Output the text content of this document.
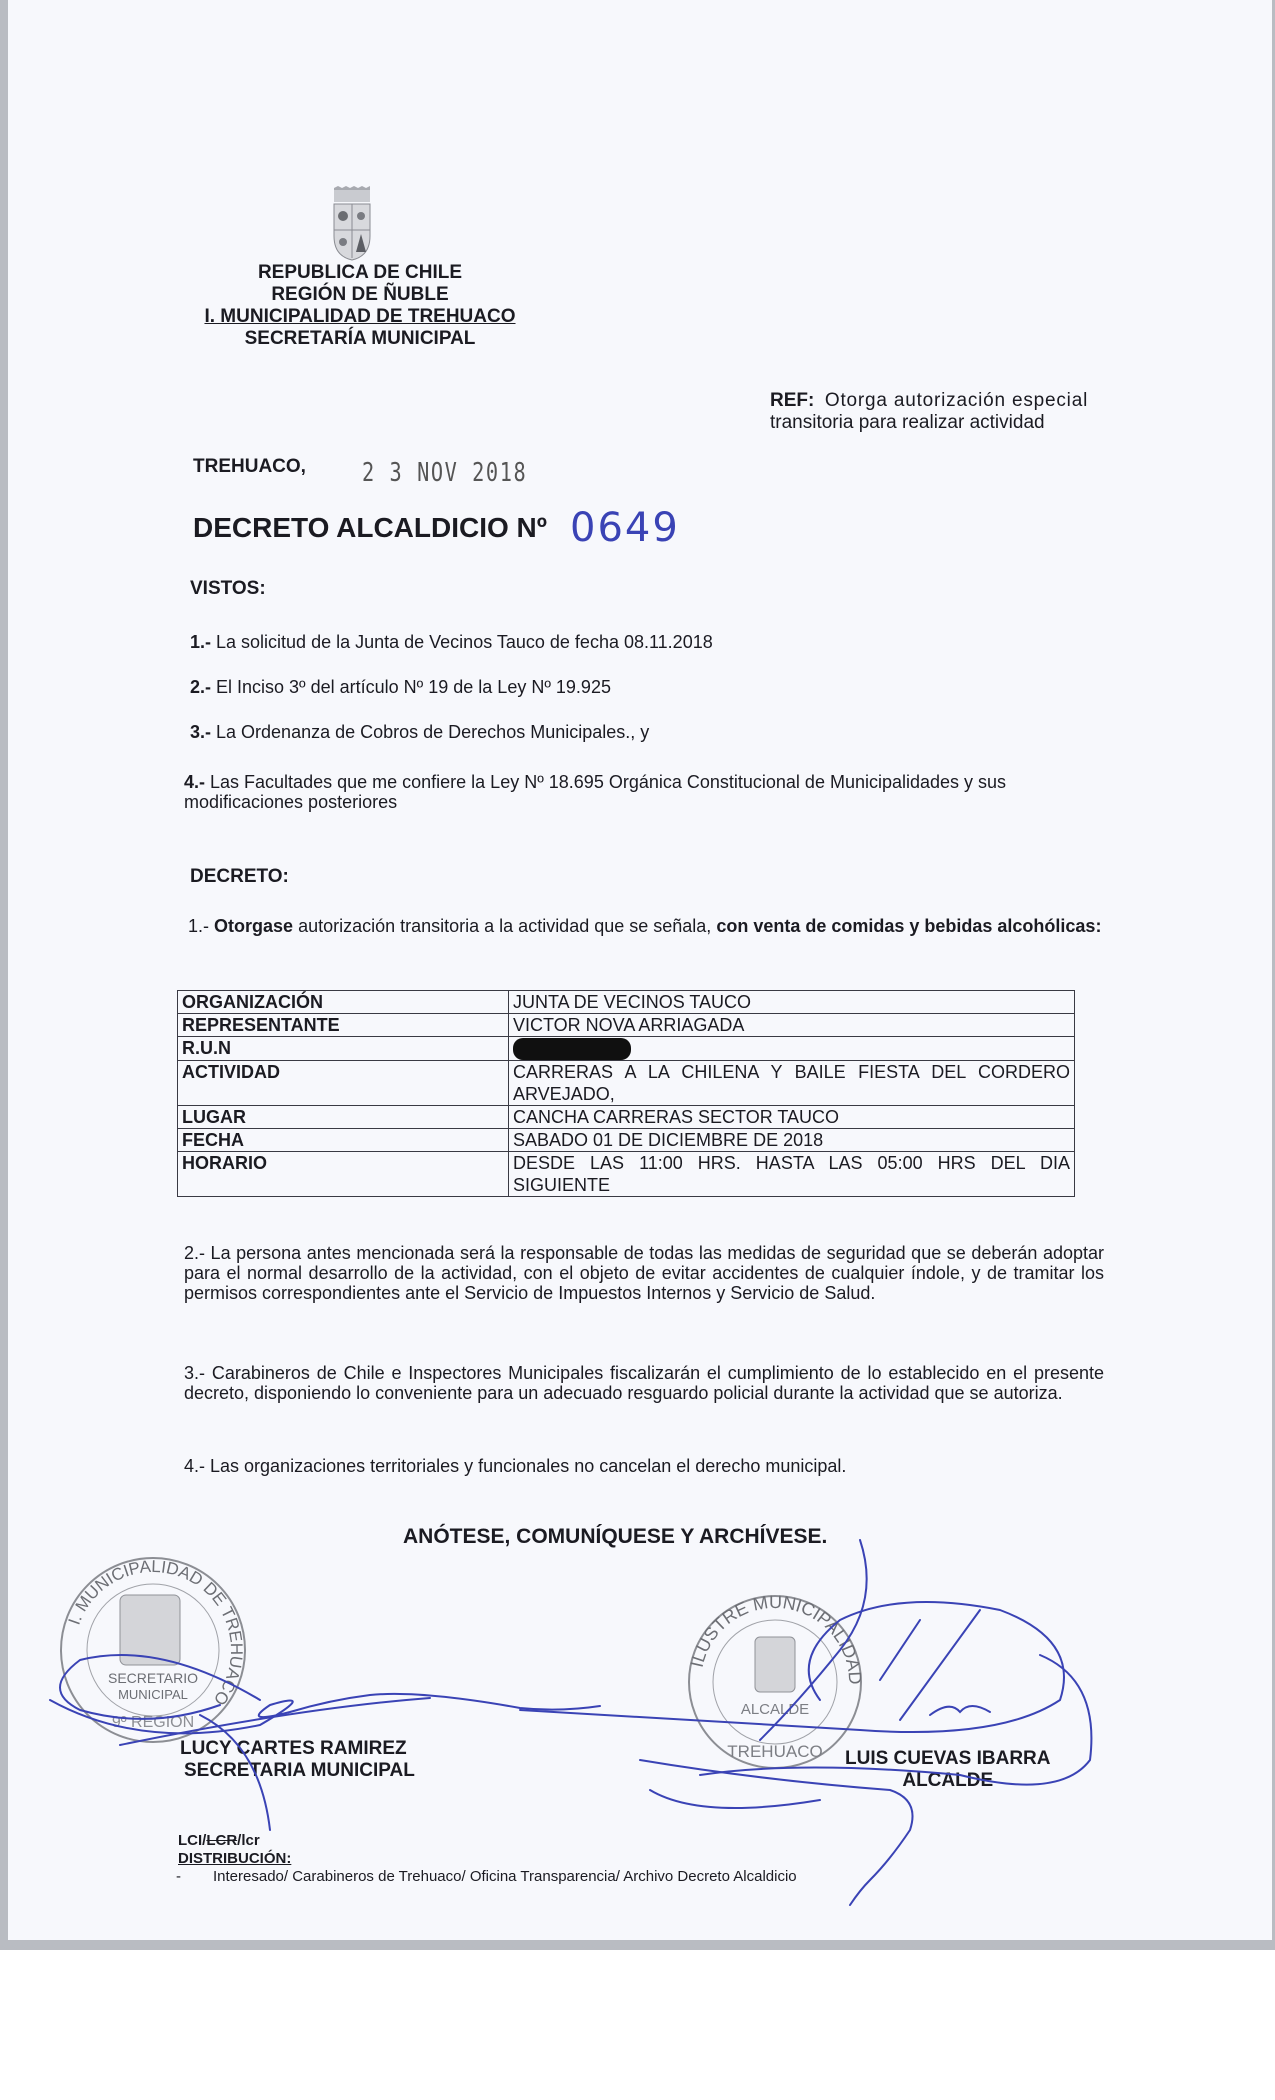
REPUBLICA DE CHILE
REGIÓN DE ÑUBLE
I. MUNICIPALIDAD DE TREHUACO
SECRETARÍA MUNICIPAL
REF: Otorga autorización especial
transitoria para realizar actividad
TREHUACO, 2 3 NOV 2018
DECRETO ALCALDICIO Nº 0649
VISTOS:
1.- La solicitud de la Junta de Vecinos Tauco de fecha 08.11.2018
2.- El Inciso 3º del artículo Nº 19 de la Ley Nº 19.925
3.- La Ordenanza de Cobros de Derechos Municipales., y
4.- Las Facultades que me confiere la Ley Nº 18.695 Orgánica Constitucional de Municipalidades y sus modificaciones posteriores
DECRETO:
1.- Otorgase autorización transitoria a la actividad que se señala, con venta de comidas y bebidas alcohólicas:
ORGANIZACIÓN	JUNTA DE VECINOS TAUCO
REPRESENTANTE	VICTOR NOVA ARRIAGADA
R.U.N	
ACTIVIDAD	CARRERAS A LA CHILENA Y BAILE FIESTA DEL CORDERO ARVEJADO,
LUGAR	CANCHA CARRERAS SECTOR TAUCO
FECHA	SABADO 01 DE DICIEMBRE DE 2018
HORARIO	DESDE LAS 11:00 HRS. HASTA LAS 05:00 HRS DEL DIA SIGUIENTE
2.- La persona antes mencionada será la responsable de todas las medidas de seguridad que se deberán adoptar para el normal desarrollo de la actividad, con el objeto de evitar accidentes de cualquier índole, y de tramitar los permisos correspondientes ante el Servicio de Impuestos Internos y Servicio de Salud.
3.- Carabineros de Chile e Inspectores Municipales fiscalizarán el cumplimiento de lo establecido en el presente decreto, disponiendo lo conveniente para un adecuado resguardo policial durante la actividad que se autoriza.
4.- Las organizaciones territoriales y funcionales no cancelan el derecho municipal.
ANÓTESE, COMUNÍQUESE Y ARCHÍVESE.
I. MUNICIPALIDAD DE TREHUACO
SECRETARIO
MUNICIPAL
9º REGION
ILUSTRE MUNICIPALIDAD
ALCALDE
TREHUACO
LUCY CARTES RAMIREZ
SECRETARIA MUNICIPAL
LUIS CUEVAS IBARRA
ALCALDE
LCI/LCR/lcr
DISTRIBUCIÓN:
- Interesado/ Carabineros de Trehuaco/ Oficina Transparencia/ Archivo Decreto Alcaldicio
